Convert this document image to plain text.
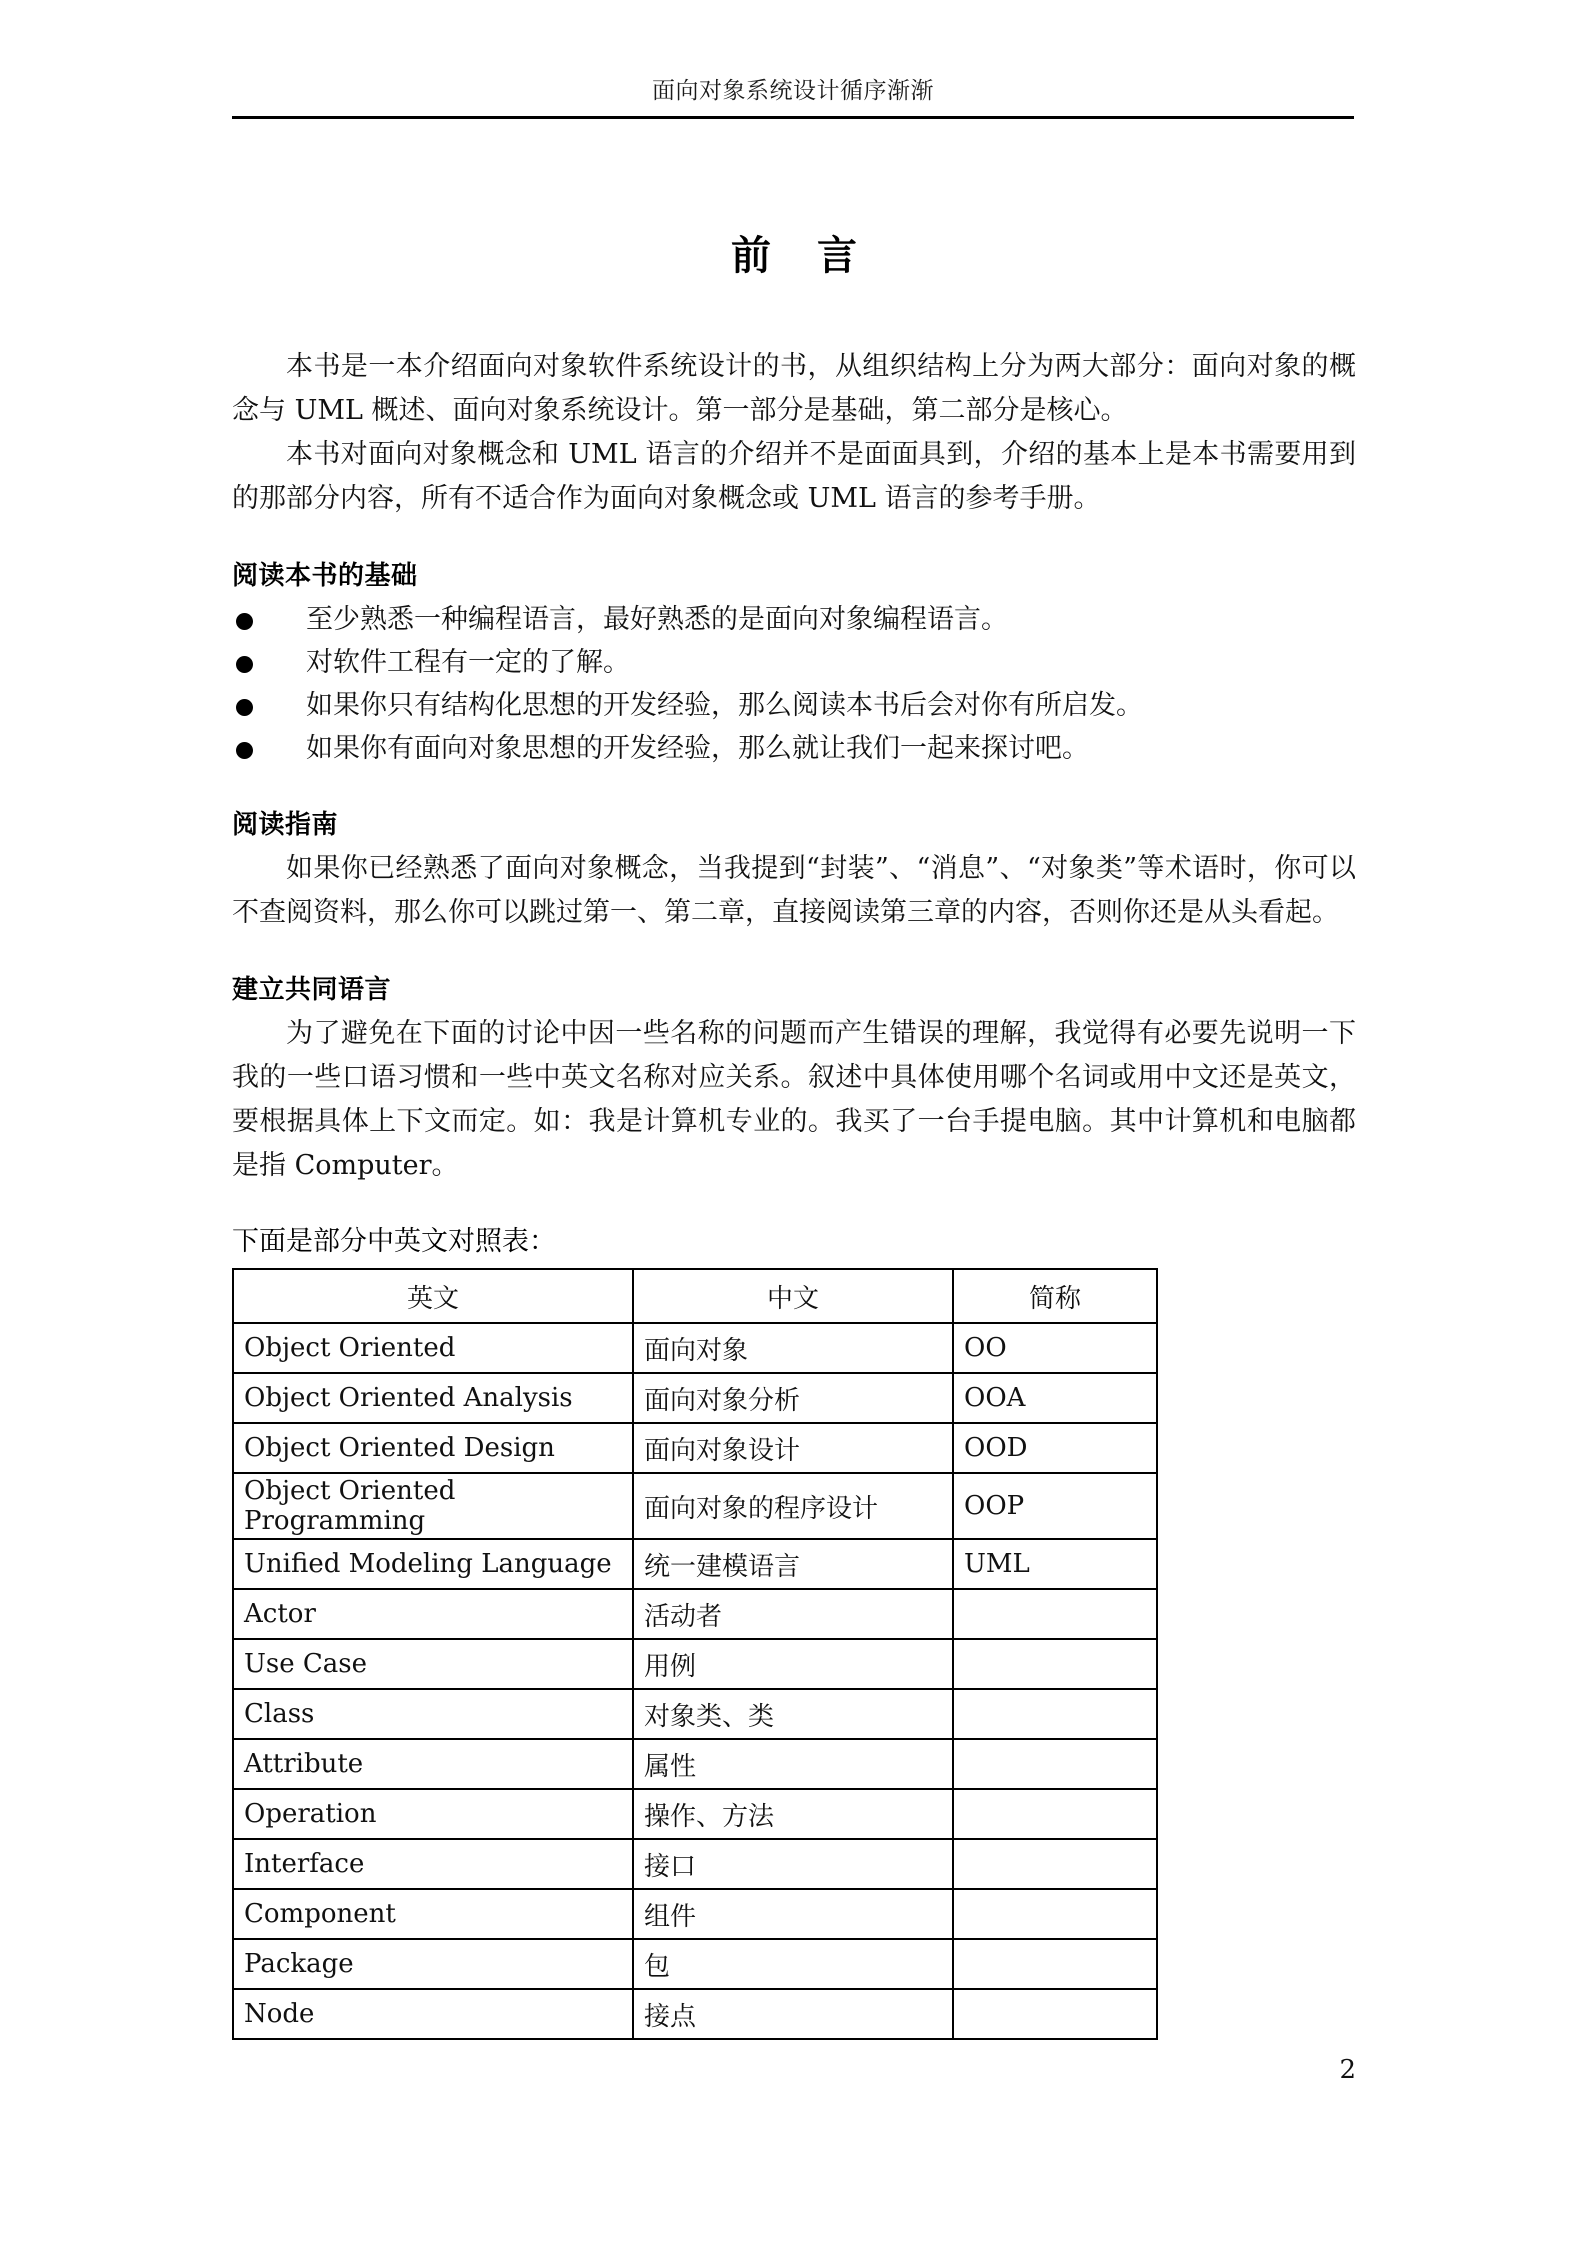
面向对象系统设计循序渐渐
前 言

本书是一本介绍面向对象软件系统设计的书，从组织结构上分为两大部分：面向对象的概念与 UML 概述、面向对象系统设计。第一部分是基础，第二部分是核心。

本书对面向对象概念和 UML 语言的介绍并不是面面具到，介绍的基本上是本书需要用到的那部分内容，所有不适合作为面向对象概念或 UML 语言的参考手册。

阅读本书的基础
至少熟悉一种编程语言，最好熟悉的是面向对象编程语言。
对软件工程有一定的了解。
如果你只有结构化思想的开发经验，那么阅读本书后会对你有所启发。
如果你有面向对象思想的开发经验，那么就让我们一起来探讨吧。
阅读指南

如果你已经熟悉了面向对象概念，当我提到“封装”、“消息”、“对象类”等术语时，你可以不查阅资料，那么你可以跳过第一、第二章，直接阅读第三章的内容，否则你还是从头看起。

建立共同语言

为了避免在下面的讨论中因一些名称的问题而产生错误的理解，我觉得有必要先说明一下我的一些口语习惯和一些中英文名称对应关系。叙述中具体使用哪个名词或用中文还是英文，要根据具体上下文而定。如：我是计算机专业的。我买了一台手提电脑。其中计算机和电脑都是指 Computer。

下面是部分中英文对照表：

英文	中文	简称
Object Oriented	面向对象	OO
Object Oriented Analysis	面向对象分析	OOA
Object Oriented Design	面向对象设计	OOD
Object Oriented Programming	面向对象的程序设计	OOP
Unified Modeling Language	统一建模语言	UML
Actor	活动者	
Use Case	用例	
Class	对象类、类	
Attribute	属性	
Operation	操作、方法	
Interface	接口	
Component	组件	
Package	包	
Node	接点	
2
